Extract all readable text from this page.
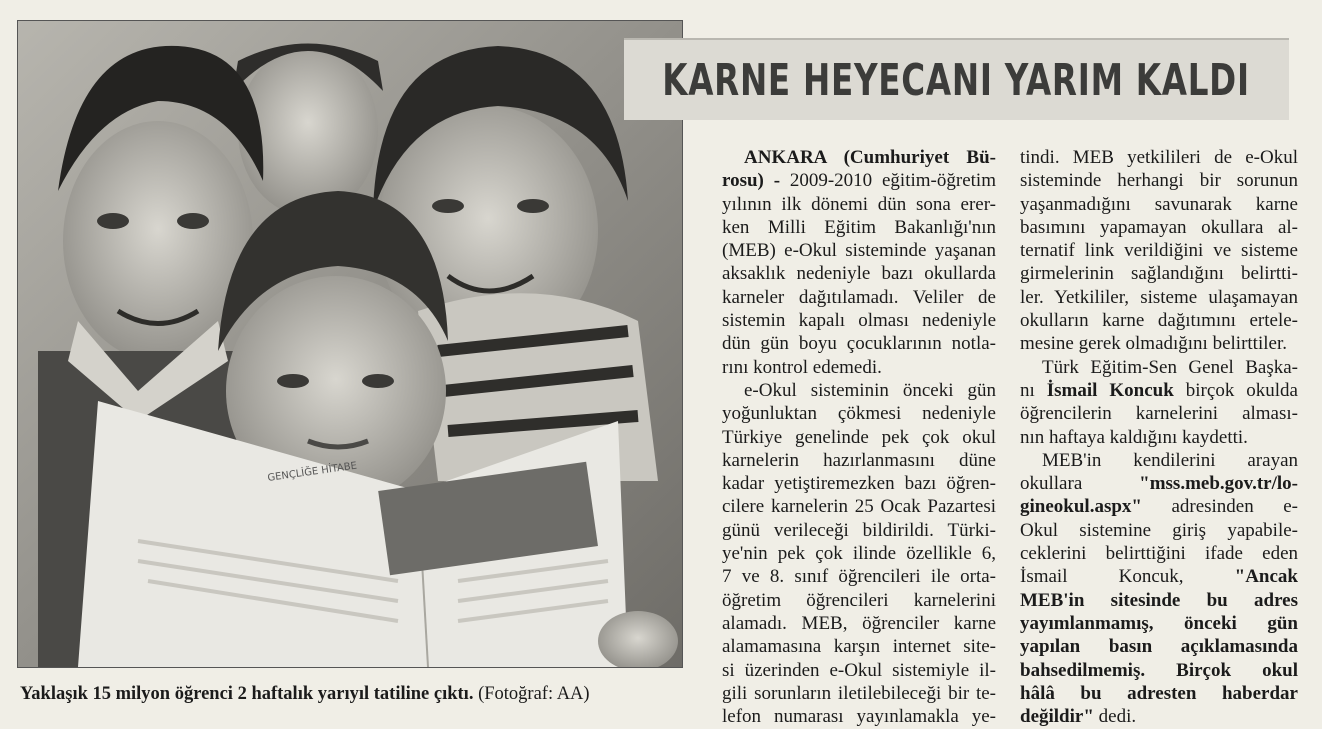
GENÇLİĞE HİTABE
Yaklaşık 15 milyon öğrenci 2 haftalık yarıyıl tatiline çıktı. (Fotoğraf: AA)
KARNE HEYECANI YARIM KALDI
ANKARA (Cumhuriyet Bü-
rosu) - 2009-2010 eğitim-öğretim
yılının ilk dönemi dün sona erer-
ken Milli Eğitim Bakanlığı'nın
(MEB) e-Okul sisteminde yaşanan
aksaklık nedeniyle bazı okullarda
karneler dağıtılamadı. Veliler de
sistemin kapalı olması nedeniyle
dün gün boyu çocuklarının notla-
rını kontrol edemedi.
e-Okul sisteminin önceki gün
yoğunluktan çökmesi nedeniyle
Türkiye genelinde pek çok okul
karnelerin hazırlanmasını düne
kadar yetiştiremezken bazı öğren-
cilere karnelerin 25 Ocak Pazartesi
günü verileceği bildirildi. Türki-
ye'nin pek çok ilinde özellikle 6,
7 ve 8. sınıf öğrencileri ile orta-
öğretim öğrencileri karnelerini
alamadı. MEB, öğrenciler karne
alamamasına karşın internet site-
si üzerinden e-Okul sistemiyle il-
gili sorunların iletilebileceği bir te-
lefon numarası yayınlamakla ye-
tindi. MEB yetkilileri de e-Okul
sisteminde herhangi bir sorunun
yaşanmadığını savunarak karne
basımını yapamayan okullara al-
ternatif link verildiğini ve sisteme
girmelerinin sağlandığını belirtti-
ler. Yetkililer, sisteme ulaşamayan
okulların karne dağıtımını ertele-
mesine gerek olmadığını belirttiler.
Türk Eğitim-Sen Genel Başka-
nı İsmail Koncuk birçok okulda
öğrencilerin karnelerini alması-
nın haftaya kaldığını kaydetti.
MEB'in kendilerini arayan
okullara "mss.meb.gov.tr/lo-
gineokul.aspx" adresinden e-
Okul sistemine giriş yapabile-
ceklerini belirttiğini ifade eden
İsmail Koncuk, "Ancak
MEB'in sitesinde bu adres
yayımlanmamış, önceki gün
yapılan basın açıklamasında
bahsedilmemiş. Birçok okul
hâlâ bu adresten haberdar
değildir" dedi.
